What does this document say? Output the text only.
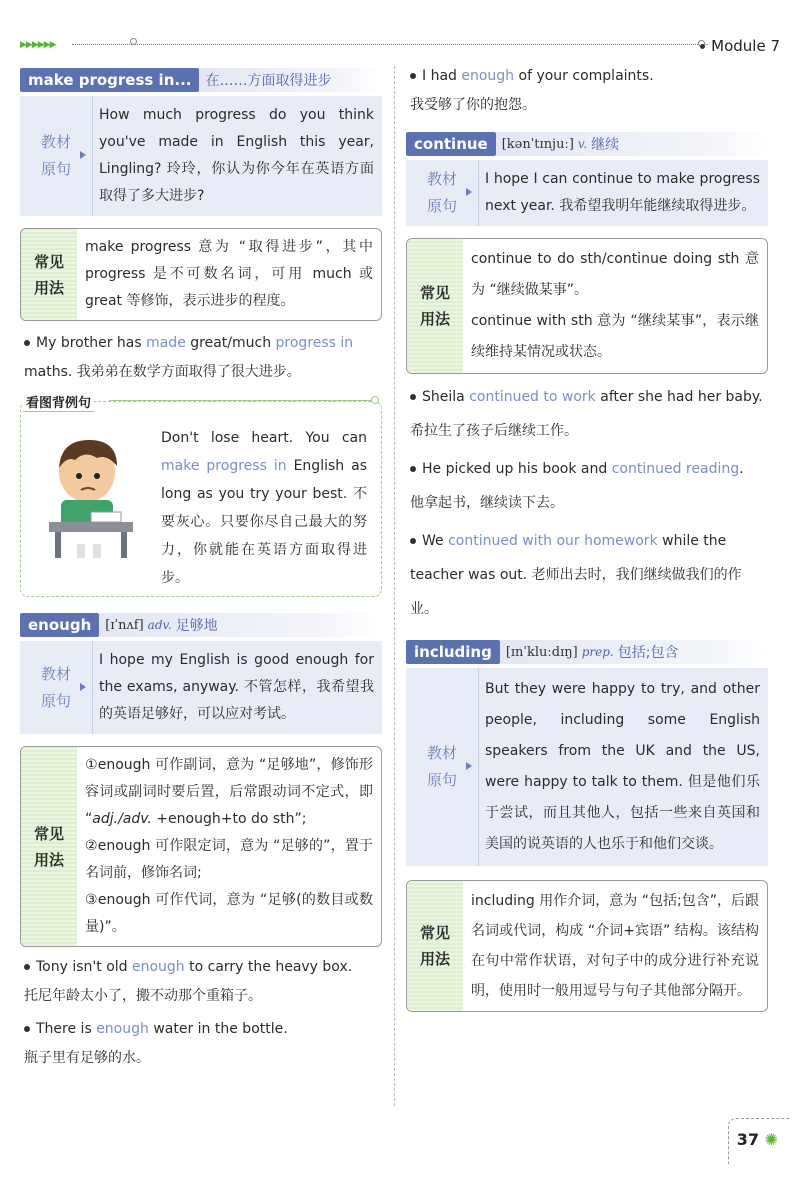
▶▶▶▶▶▶	Module 7
make progress in...	在……方面取得进步
教材
原句
How much progress do you think you've made in English this year, Lingling? 玲玲，你认为你今年在英语方面取得了多大进步?
常见
用法
make progress 意为 “取得进步”，其中 progress 是不可数名词，可用 much 或 great 等修饰，表示进步的程度。
My brother has made great/much progress in maths. 我弟弟在数学方面取得了很大进步。
看图背例句
Don't lose heart. You can make progress in English as long as you try your best. 不要灰心。只要你尽自己最大的努力，你就能在英语方面取得进步。
enough	[ɪˈnʌf] adv. 足够地
教材
原句
I hope my English is good enough for the exams, anyway. 不管怎样，我希望我的英语足够好，可以应对考试。
常见
用法

①enough 可作副词，意为 “足够地”，修饰形容词或副词时要后置，后常跟动词不定式，即 “adj./adv. +enough+to do sth”;

②enough 可作限定词，意为 “足够的”，置于名词前，修饰名词;

③enough 可作代词，意为 “足够(的数目或数量)”。

Tony isn't old enough to carry the heavy box.
托尼年龄太小了，搬不动那个重箱子。
There is enough water in the bottle.
瓶子里有足够的水。
I had enough of your complaints.
我受够了你的抱怨。
continue	[kənˈtɪnjuː] v. 继续
教材
原句
I hope I can continue to make progress next year. 我希望我明年能继续取得进步。
常见
用法

continue to do sth/continue doing sth 意为 “继续做某事”。

continue with sth 意为 “继续某事”，表示继续维持某情况或状态。

Sheila continued to work after she had her baby. 希拉生了孩子后继续工作。
He picked up his book and continued reading.
他拿起书，继续读下去。
We continued with our homework while the teacher was out. 老师出去时，我们继续做我们的作业。
including	[ɪnˈkluːdɪŋ] prep. 包括;包含
教材
原句
But they were happy to try, and other people, including some English speakers from the UK and the US, were happy to talk to them. 但是他们乐于尝试，而且其他人，包括一些来自英国和美国的说英语的人也乐于和他们交谈。
常见
用法
including 用作介词，意为 “包括;包含”，后跟名词或代词，构成 “介词+宾语” 结构。该结构在句中常作状语，对句子中的成分进行补充说明，使用时一般用逗号与句子其他部分隔开。
37 ✺
